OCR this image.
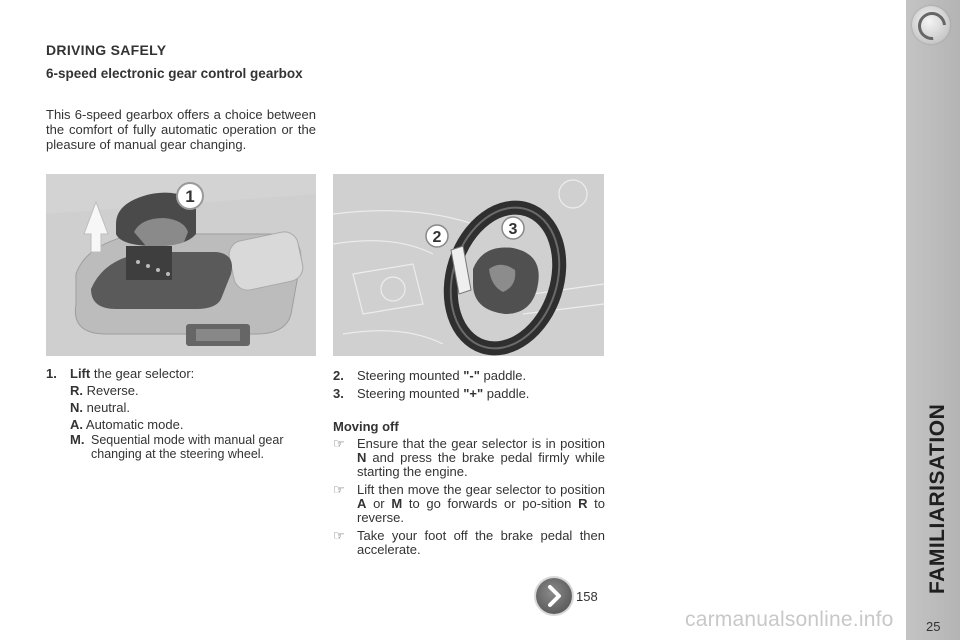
DRIVING SAFELY
6-speed electronic gear control gearbox
This 6-speed gearbox offers a choice between the comfort of fully automatic operation or the pleasure of manual gear changing.
1
2	3
1.	Lift the gear selector:
R. Reverse.
N. neutral.
A. Automatic mode.
M. Sequential mode with manual gear changing at the steering wheel.
2.	Steering mounted "-" paddle.
3.	Steering mounted "+" paddle.
Moving off
☞ Ensure that the gear selector is in position N and press the brake pedal firmly while starting the engine.
☞ Lift then move the gear selector to position A or M to go forwards or po-sition R to reverse.
☞ Take your foot off the brake pedal then accelerate.
158
FAMILIARISATION
25
carmanualsonline.info
